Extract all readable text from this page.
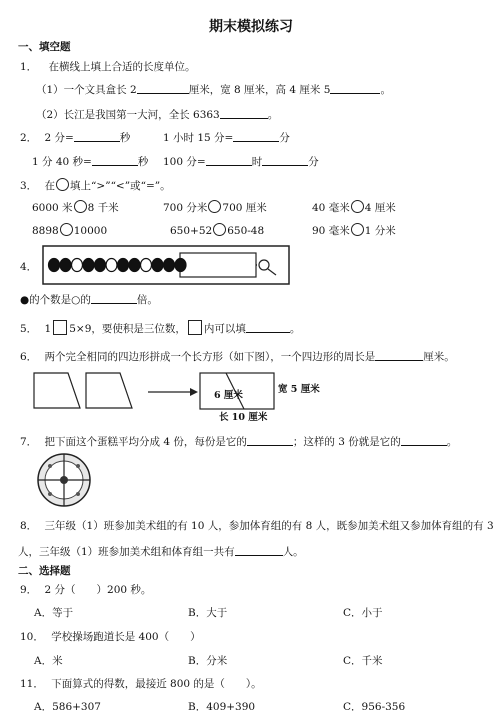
期末模拟练习
一、填空题
1． 在横线上填上合适的长度单位。
（1）一个文具盒长 2	厘米，宽 8 厘米，高 4 厘米 5	。
（2）长江是我国第一大河，全长 6363	。
2． 2 分=	秒	1 小时 15 分=	分
1 分 40 秒=	秒 100 分=	时	分
3． 在 填上“>”“<”或“=”。
6000 米 8 千米	700 分米 700 厘米	40 毫米 4 厘米
8898 10000	650+52 650-48	90 毫米 1 分米
4．
●的个数是○的	倍。
5． 1 5×9，要使积是三位数， 内可以填	。
6． 两个完全相同的四边形拼成一个长方形（如下图），一个四边形的周长是	厘米。
6 厘米
宽 5 厘米
长 10 厘米
7． 把下面这个蛋糕平均分成 4 份，每份是它的	；这样的 3 份就是它的	。
8． 三年级（1）班参加美术组的有 10 人，参加体育组的有 8 人，既参加美术组又参加体育组的有 3
人，三年级（1）班参加美术组和体育组一共有	人。
二、选择题
9． 2 分（　　）200 秒。
A．等于	B．大于	C．小于
10． 学校操场跑道长是 400（　　）
A．米	B．分米	C．千米
11． 下面算式的得数，最接近 800 的是（　　）。
A．586+307	B．409+390	C．956-356
